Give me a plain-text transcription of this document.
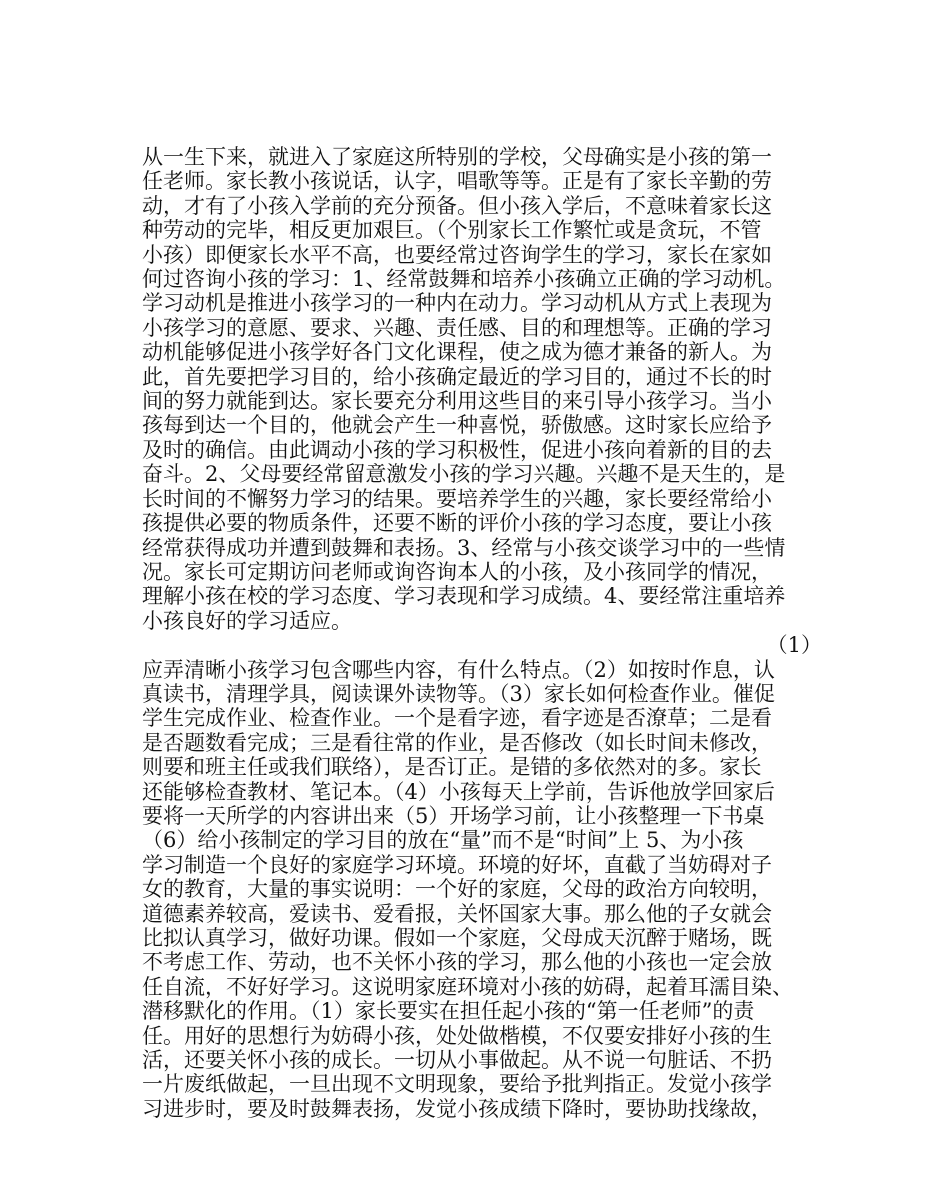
从一生下来，就进入了家庭这所特别的学校，父母确实是小孩的第一
任老师。家长教小孩说话，认字，唱歌等等。正是有了家长辛勤的劳
动，才有了小孩入学前的充分预备。但小孩入学后，不意味着家长这
种劳动的完毕，相反更加艰巨。（个别家长工作繁忙或是贪玩，不管
小孩）即便家长水平不高，也要经常过咨询学生的学习，家长在家如
何过咨询小孩的学习：1、经常鼓舞和培养小孩确立正确的学习动机。
学习动机是推进小孩学习的一种内在动力。学习动机从方式上表现为
小孩学习的意愿、要求、兴趣、责任感、目的和理想等。正确的学习
动机能够促进小孩学好各门文化课程，使之成为德才兼备的新人。为
此，首先要把学习目的，给小孩确定最近的学习目的，通过不长的时
间的努力就能到达。家长要充分利用这些目的来引导小孩学习。当小
孩每到达一个目的，他就会产生一种喜悦，骄傲感。这时家长应给予
及时的确信。由此调动小孩的学习积极性，促进小孩向着新的目的去
奋斗。2、父母要经常留意激发小孩的学习兴趣。兴趣不是天生的，是
长时间的不懈努力学习的结果。要培养学生的兴趣，家长要经常给小
孩提供必要的物质条件，还要不断的评价小孩的学习态度，要让小孩
经常获得成功并遭到鼓舞和表扬。3、经常与小孩交谈学习中的一些情
况。家长可定期访问老师或询咨询本人的小孩，及小孩同学的情况，
理解小孩在校的学习态度、学习表现和学习成绩。4、要经常注重培养
小孩良好的学习适应。
（1）
应弄清晰小孩学习包含哪些内容，有什么特点。（2）如按时作息，认
真读书，清理学具，阅读课外读物等。（3）家长如何检查作业。催促
学生完成作业、检查作业。一个是看字迹，看字迹是否潦草；二是看
是否题数看完成；三是看往常的作业，是否修改（如长时间未修改，
则要和班主任或我们联络），是否订正。是错的多依然对的多。家长
还能够检查教材、笔记本。（4）小孩每天上学前，告诉他放学回家后
要将一天所学的内容讲出来（5）开场学习前，让小孩整理一下书桌
（6）给小孩制定的学习目的放在“量”而不是“时间”上 5、为小孩
学习制造一个良好的家庭学习环境。环境的好坏，直截了当妨碍对子
女的教育，大量的事实说明：一个好的家庭，父母的政治方向较明，
道德素养较高，爱读书、爱看报，关怀国家大事。那么他的子女就会
比拟认真学习，做好功课。假如一个家庭，父母成天沉醉于赌场，既
不考虑工作、劳动，也不关怀小孩的学习，那么他的小孩也一定会放
任自流，不好好学习。这说明家庭环境对小孩的妨碍，起着耳濡目染、
潜移默化的作用。（1）家长要实在担任起小孩的“第一任老师”的责
任。用好的思想行为妨碍小孩，处处做楷模，不仅要安排好小孩的生
活，还要关怀小孩的成长。一切从小事做起。从不说一句脏话、不扔
一片废纸做起，一旦出现不文明现象，要给予批判指正。发觉小孩学
习进步时，要及时鼓舞表扬，发觉小孩成绩下降时，要协助找缘故，
